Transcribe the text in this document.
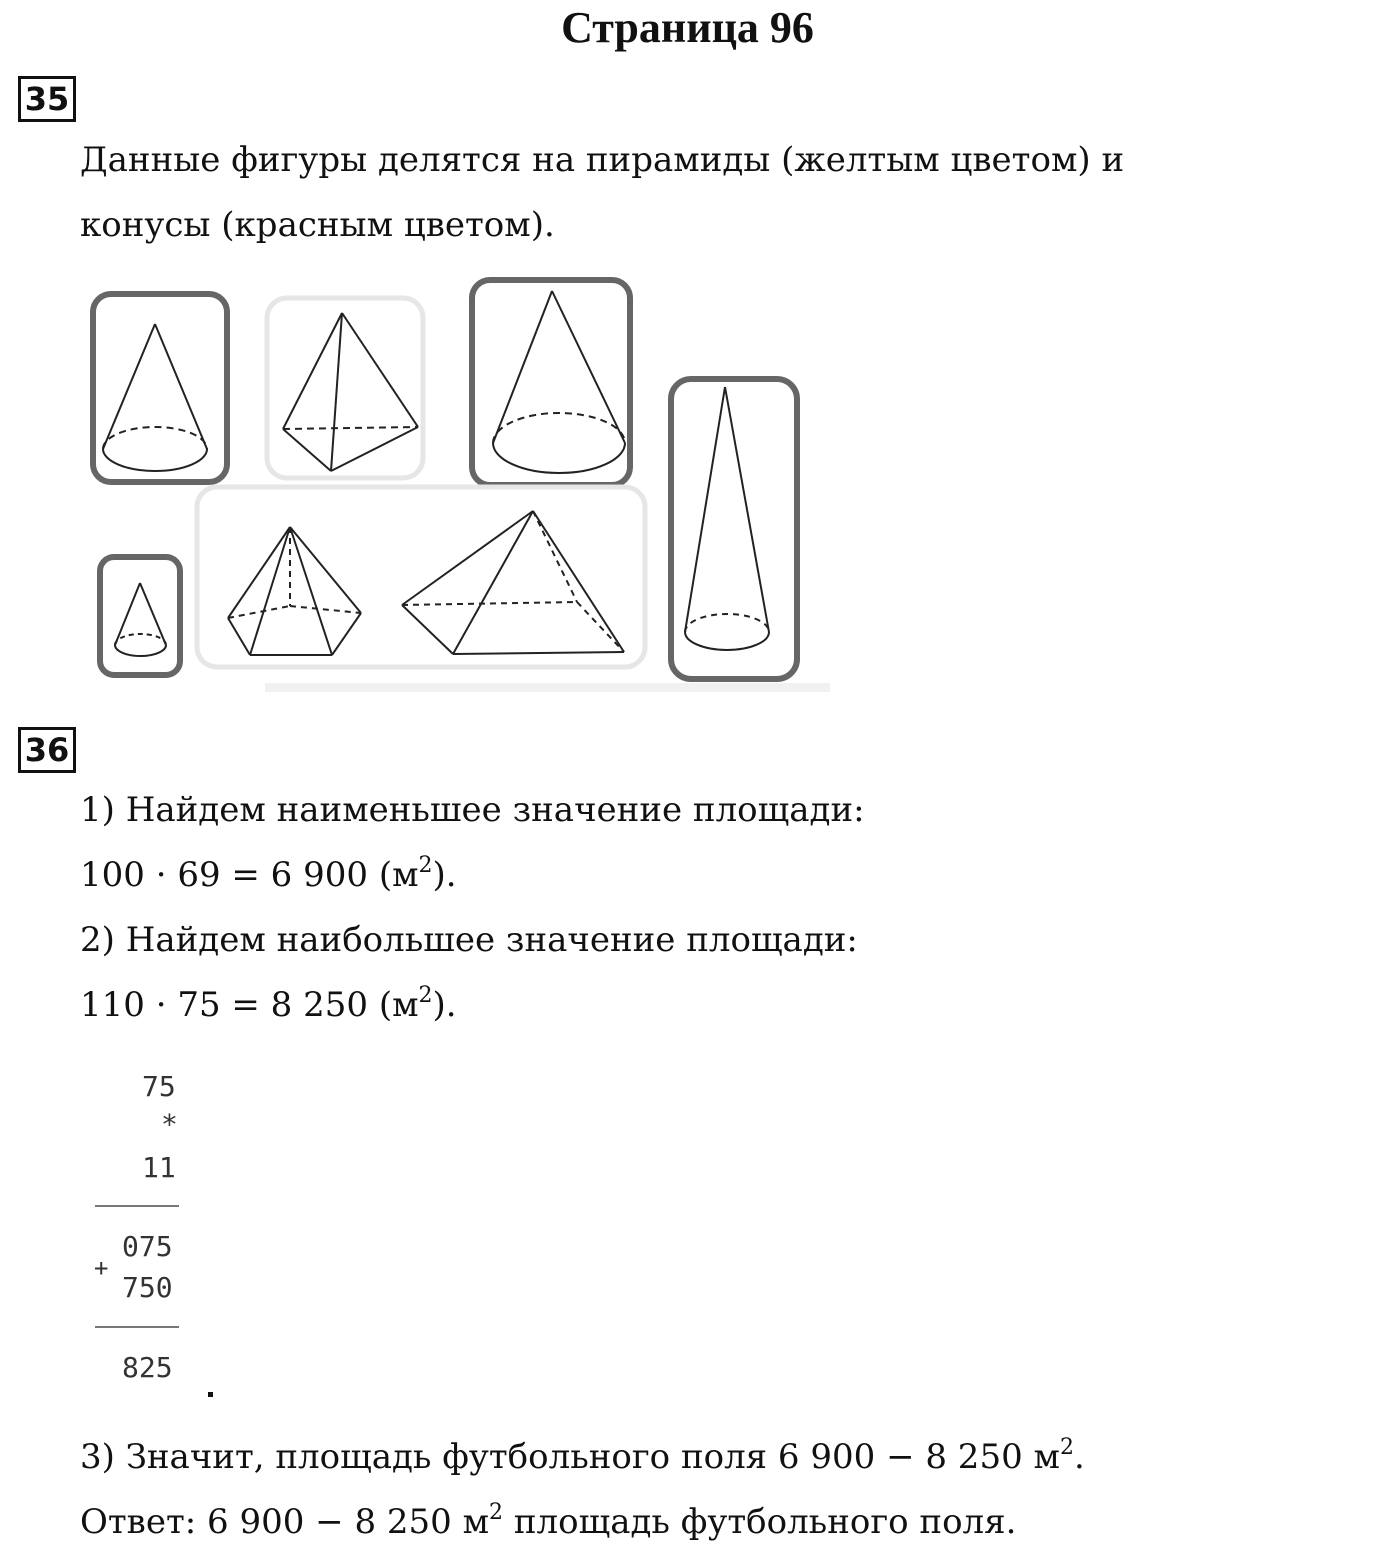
Страница 96
35
Данные фигуры делятся на пирамиды (желтым цветом) и
конусы (красным цветом).
36
1) Найдем наименьшее значение площади:
100 · 69 = 6 900 $(м^2)$.
2) Найдем наибольшее значение площади:
110 · 75 = 8 250 $(м^2)$.
75
*
11
075
+
750
825
3) Значит, площадь футбольного поля 6 900 − 8 250 $м^2$.
Ответ: 6 900 − 8 250 $м^2$ площадь футбольного поля.
